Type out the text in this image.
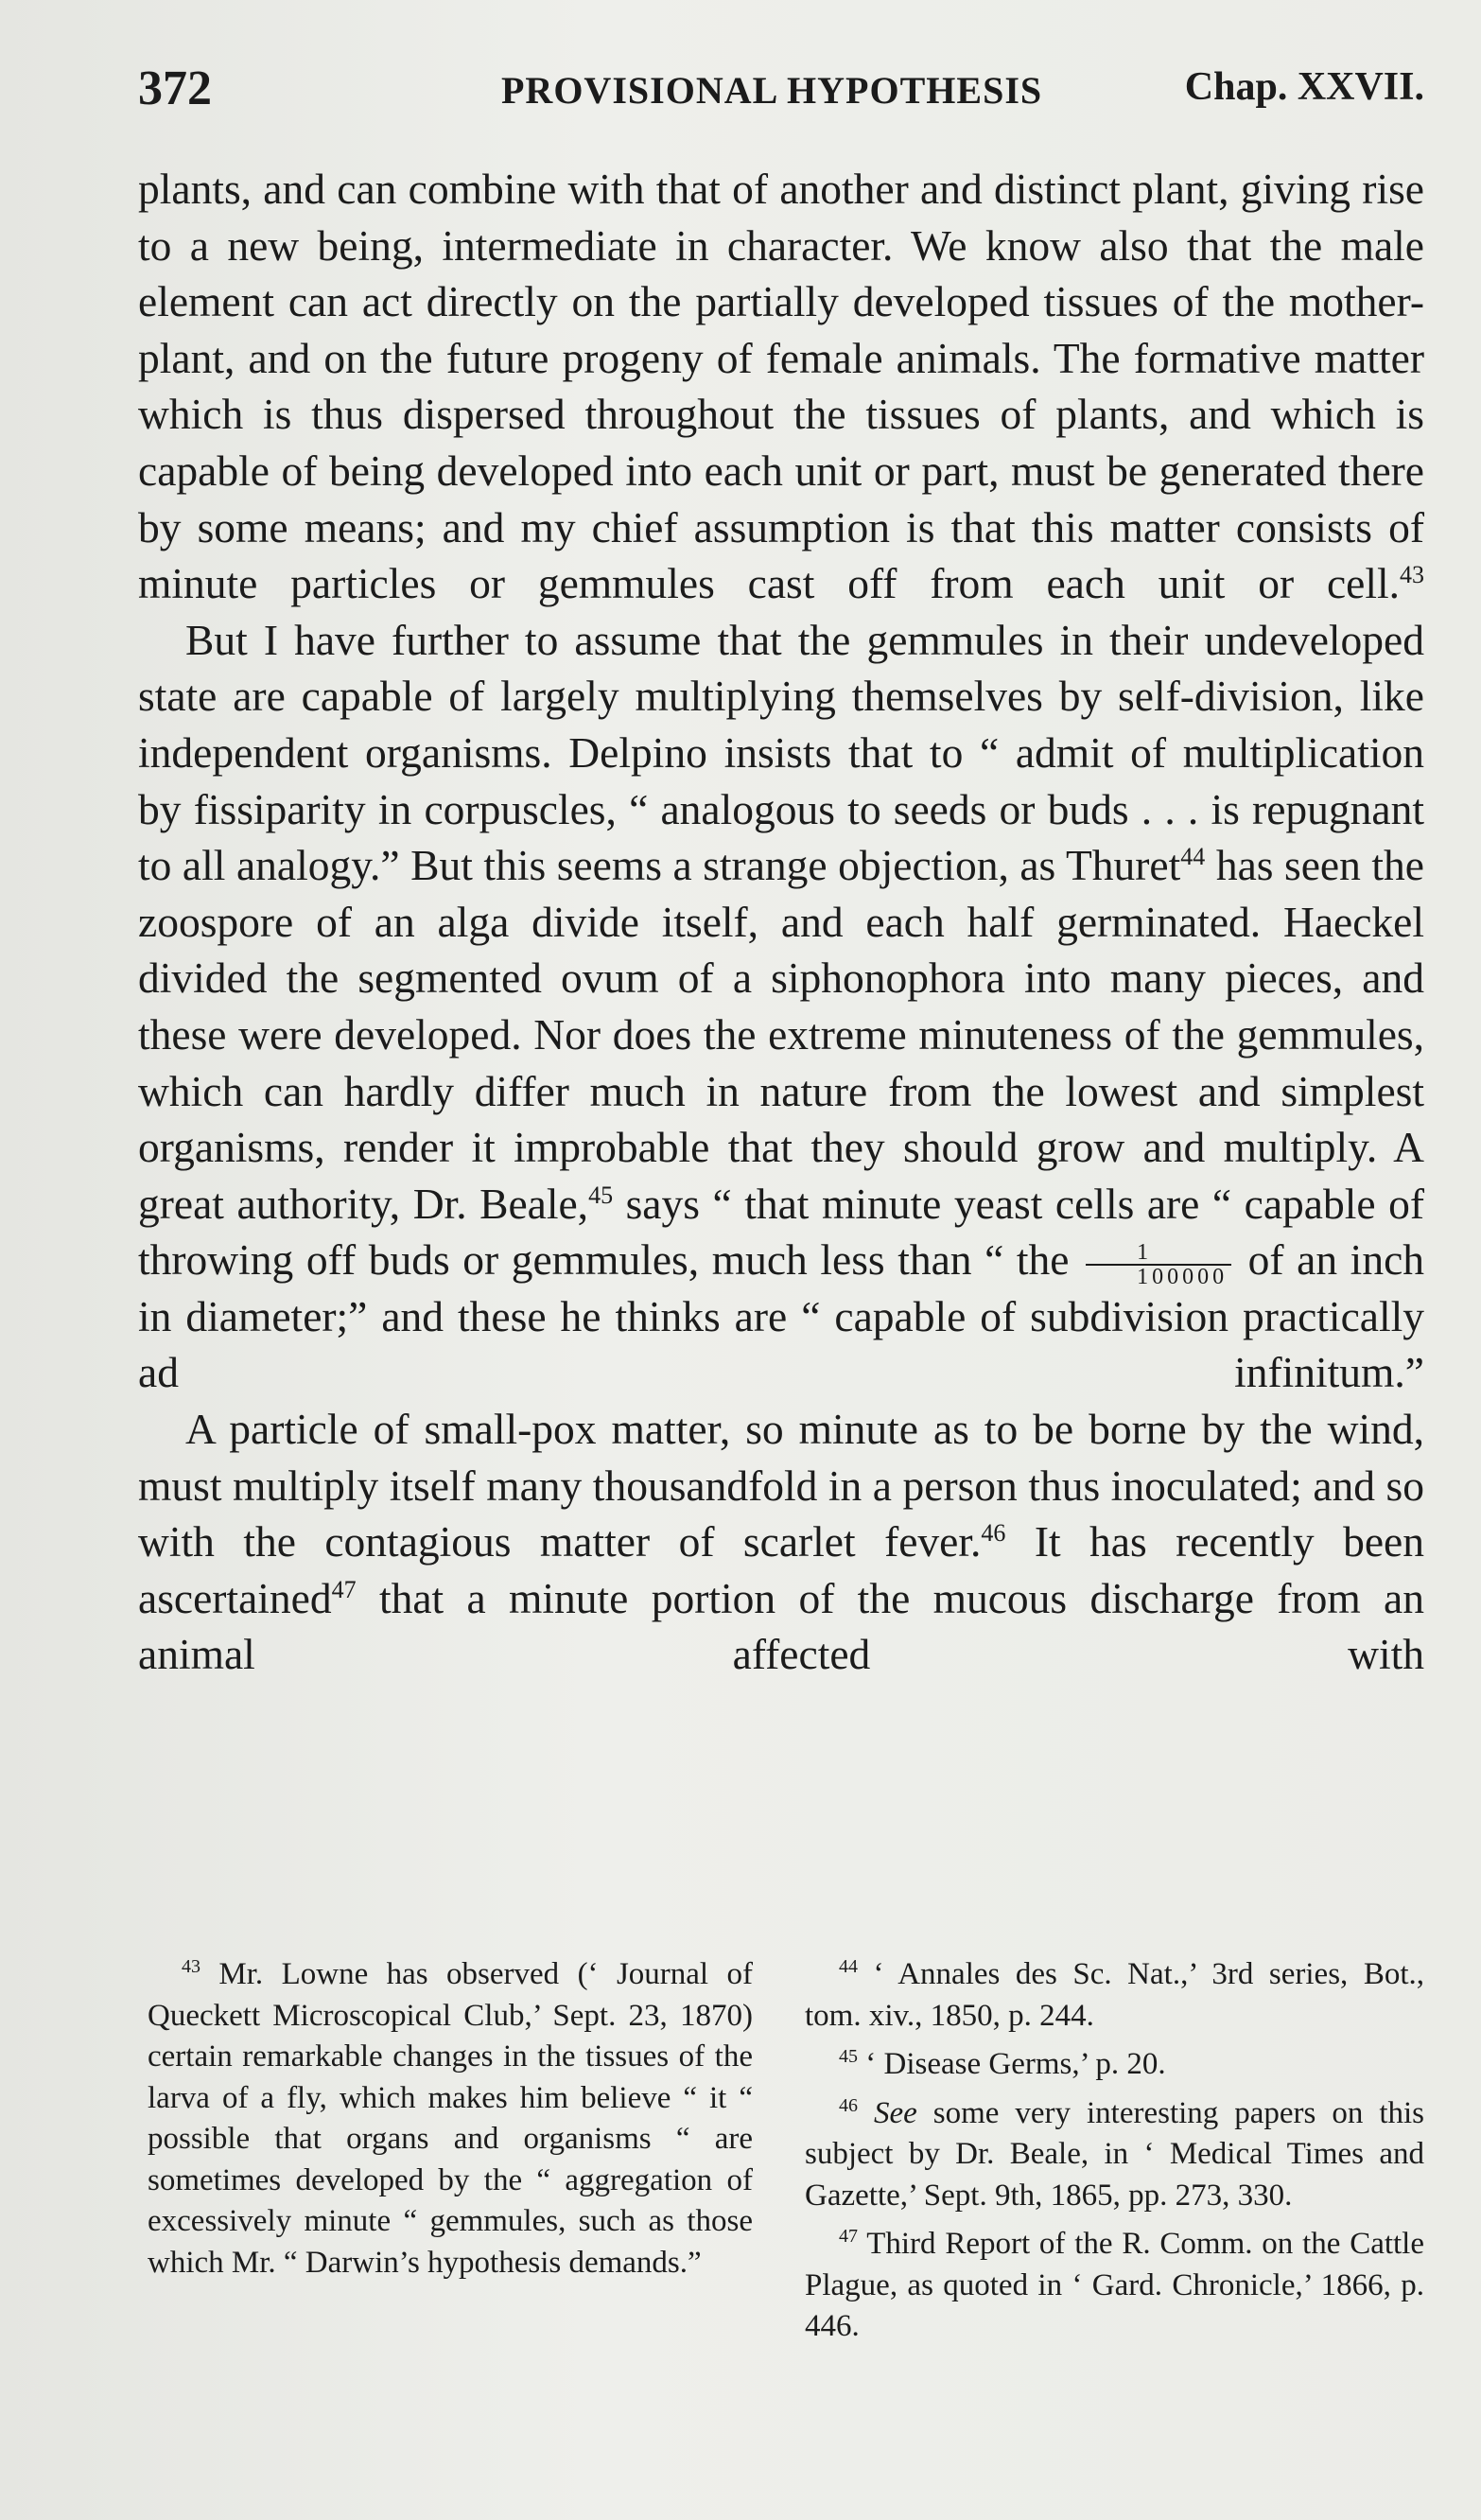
372	PROVISIONAL HYPOTHESIS	Chap. XXVII.

plants, and can combine with that of another and distinct plant, giving rise to a new being, intermediate in character. We know also that the male element can act directly on the partially developed tissues of the mother-plant, and on the future progeny of female animals. The formative matter which is thus dispersed throughout the tissues of plants, and which is capable of being developed into each unit or part, must be generated there by some means; and my chief assumption is that this matter consists of minute particles or gemmules cast off from each unit or cell.$^{43}$

But I have further to assume that the gemmules in their undeveloped state are capable of largely multiplying themselves by self-division, like independent organisms. Delpino insists that to “ admit of multiplication by fissiparity in corpuscles, “ analogous to seeds or buds . . . is repugnant to all analogy.” But this seems a strange objection, as Thuret$^{44}$ has seen the zoospore of an alga divide itself, and each half germinated. Haeckel divided the segmented ovum of a siphonophora into many pieces, and these were developed. Nor does the extreme minuteness of the gemmules, which can hardly differ much in nature from the lowest and simplest organisms, render it improbable that they should grow and multiply. A great authority, Dr. Beale,$^{45}$ says “ that minute yeast cells are “ capable of throwing off buds or gemmules, much less than “ the $\frac{1}{100000}$ of an inch in diameter;” and these he thinks are “ capable of subdivision practically ad infinitum.”

A particle of small-pox matter, so minute as to be borne by the wind, must multiply itself many thousandfold in a person thus inoculated; and so with the contagious matter of scarlet fever.$^{46}$ It has recently been ascertained$^{47}$ that a minute portion of the mucous discharge from an animal affected with

$^{43}$ Mr. Lowne has observed (‘ Journal of Queckett Microscopical Club,’ Sept. 23, 1870) certain remarkable changes in the tissues of the larva of a fly, which makes him believe “ it “ possible that organs and organisms “ are sometimes developed by the “ aggregation of excessively minute “ gemmules, such as those which Mr. “ Darwin’s hypothesis demands.”

$^{44}$ ‘ Annales des Sc. Nat.,’ 3rd series, Bot., tom. xiv., 1850, p. 244.

$^{45}$ ‘ Disease Germs,’ p. 20.

$^{46}$ See some very interesting papers on this subject by Dr. Beale, in ‘ Medical Times and Gazette,’ Sept. 9th, 1865, pp. 273, 330.

$^{47}$ Third Report of the R. Comm. on the Cattle Plague, as quoted in ‘ Gard. Chronicle,’ 1866, p. 446.
